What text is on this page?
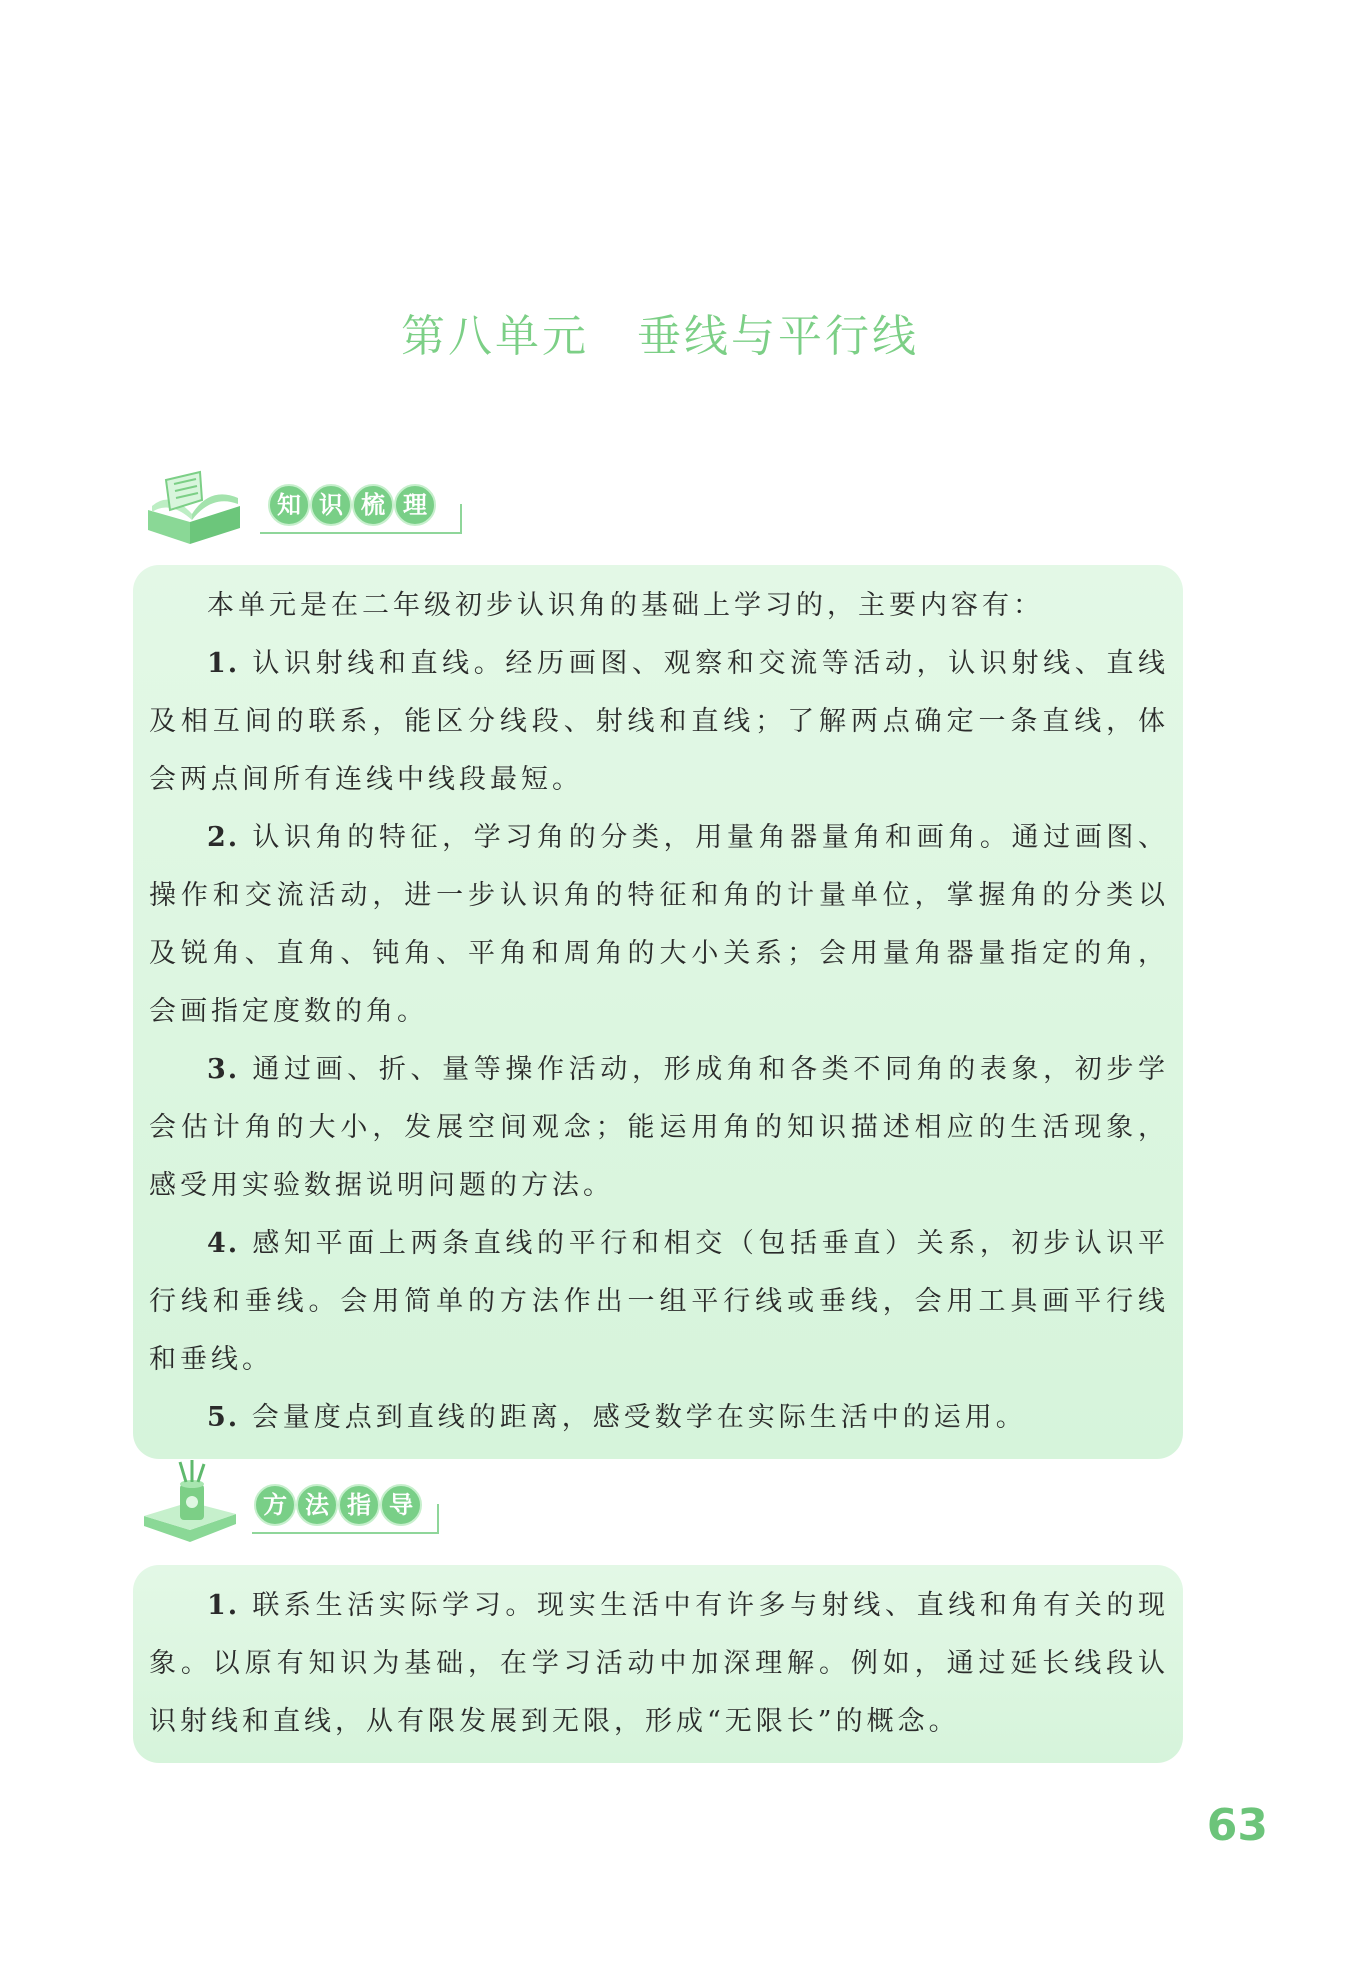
第八单元 垂线与平行线
知 识 梳 理

本单元是在二年级初步认识角的基础上学习的，主要内容有：

1. 认识射线和直线。经历画图、观察和交流等活动，认识射线、直线及相互间的联系，能区分线段、射线和直线；了解两点确定一条直线，体会两点间所有连线中线段最短。

2. 认识角的特征，学习角的分类，用量角器量角和画角。通过画图、操作和交流活动，进一步认识角的特征和角的计量单位，掌握角的分类以及锐角、直角、钝角、平角和周角的大小关系；会用量角器量指定的角，会画指定度数的角。

3. 通过画、折、量等操作活动，形成角和各类不同角的表象，初步学会估计角的大小，发展空间观念；能运用角的知识描述相应的生活现象，感受用实验数据说明问题的方法。

4. 感知平面上两条直线的平行和相交（包括垂直）关系，初步认识平行线和垂线。会用简单的方法作出一组平行线或垂线，会用工具画平行线和垂线。

5. 会量度点到直线的距离，感受数学在实际生活中的运用。

方 法 指 导

1. 联系生活实际学习。现实生活中有许多与射线、直线和角有关的现象。以原有知识为基础，在学习活动中加深理解。例如，通过延长线段认识射线和直线，从有限发展到无限，形成“无限长”的概念。

63
